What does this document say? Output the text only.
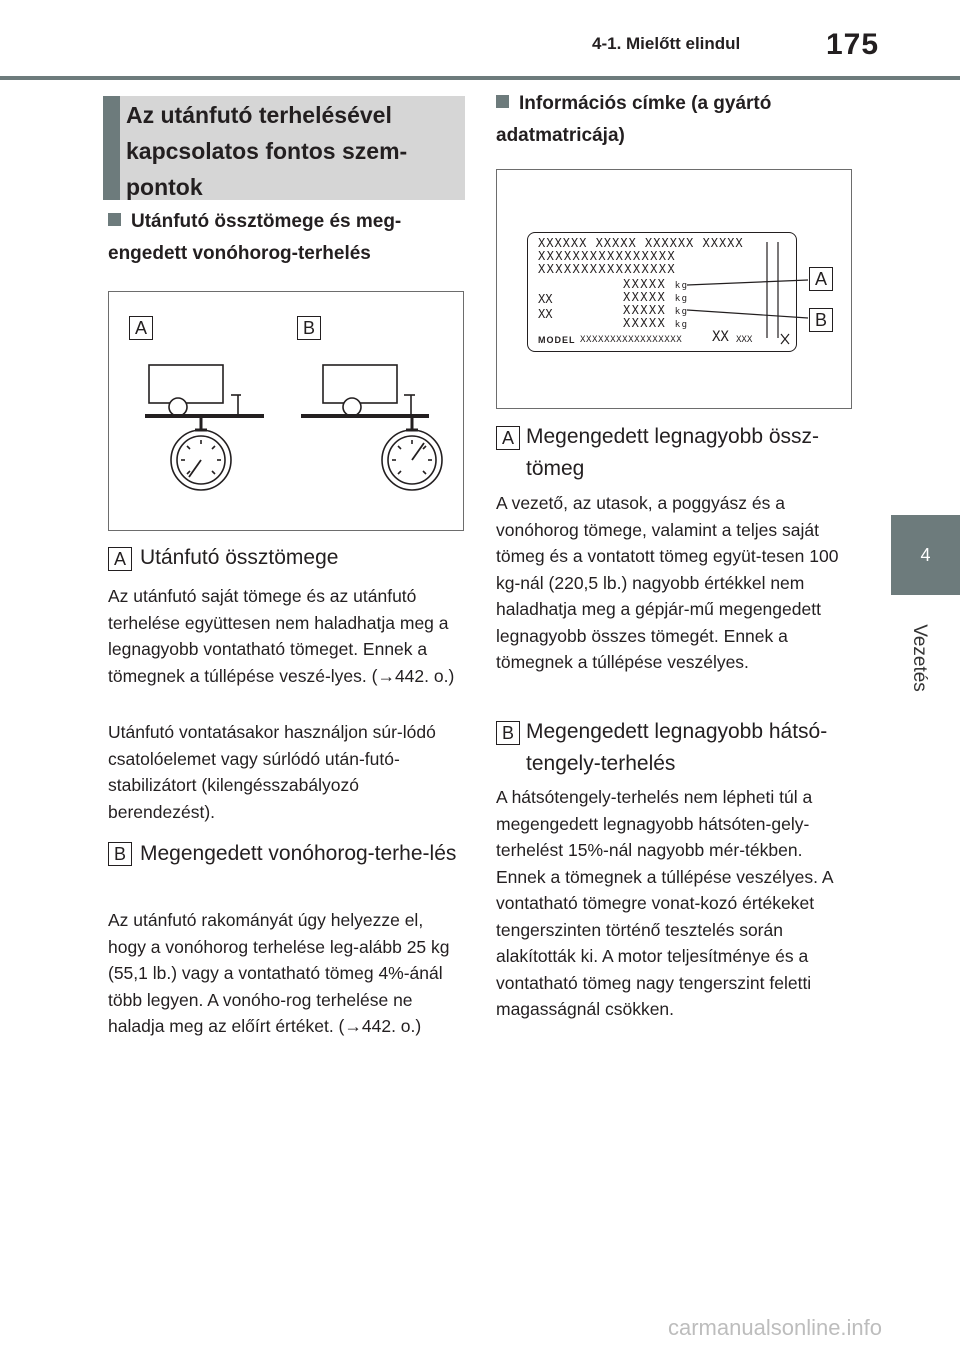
4-1. Mielőtt elindul	175
4
Vezetés
Az utánfutó terhelésével kapcsolatos fontos szem-pontok
Utánfutó össztömege és meg-engedett vonóhorog-terhelés
A	B
A Utánfutó össztömege
Az utánfutó saját tömege és az utánfutó terhelése együttesen nem haladhatja meg a legnagyobb vontatható tömeget. Ennek a tömegnek a túllépése veszé-lyes. (→442. o.)
Utánfutó vontatásakor használjon súr-lódó csatolóelemet vagy súrlódó után-futó-stabilizátort (kilengésszabályozó berendezést).
B Megengedett vonóhorog-terhe-lés
Az utánfutó rakományát úgy helyezze el, hogy a vonóhorog terhelése leg-alább 25 kg (55,1 lb.) vagy a vontatható tömeg 4%-ánál több legyen. A vonóho-rog terhelése ne haladja meg az előírt értéket. (→442. o.)
Információs címke (a gyártó adatmatricája)
XXXXXX XXXXX XXXXXX XXXXX
XXXXXXXXXXXXXXXX
XXXXXXXXXXXXXXXX
XXXXX kg
XXXXX kg
XXXXX kg
XXXXX kg
XX
XX
MODEL XXXXXXXXXXXXXXXXX XX XXX
A
B
A Megengedett legnagyobb össz-tömeg
A vezető, az utasok, a poggyász és a vonóhorog tömege, valamint a teljes saját tömeg és a vontatott tömeg együt-tesen 100 kg-nál (220,5 lb.) nagyobb értékkel nem haladhatja meg a gépjár-mű megengedett legnagyobb összes tömegét. Ennek a tömegnek a túllépése veszélyes.
B Megengedett legnagyobb hátsó-tengely-terhelés
A hátsótengely-terhelés nem lépheti túl a megengedett legnagyobb hátsóten-gely-terhelést 15%-nál nagyobb mér-tékben. Ennek a tömegnek a túllépése veszélyes. A vontatható tömegre vonat-kozó értékeket tengerszinten történő tesztelés során alakították ki. A motor teljesítménye és a vontatható tömeg nagy tengerszint feletti magasságnál csökken.
carmanualsonline.info
